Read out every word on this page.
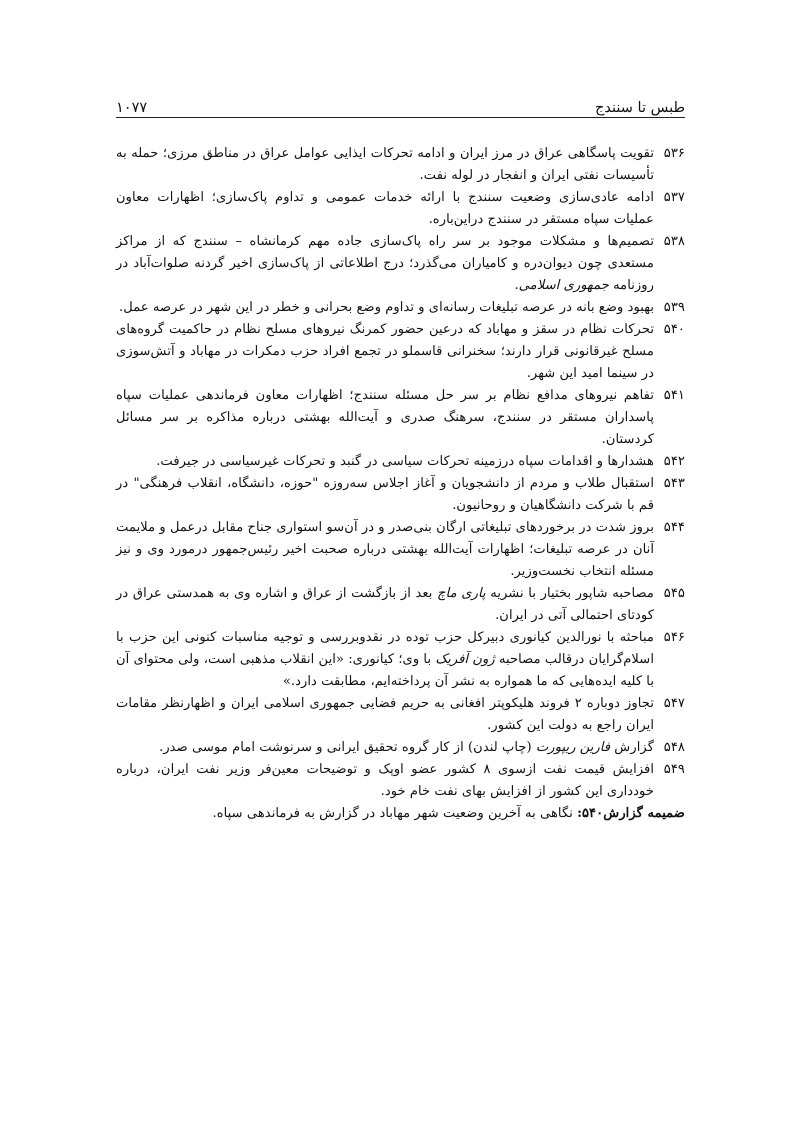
طبس تا سنندج
۱۰۷۷
۵۳۶
تقویت پاسگاهی عراق در مرز ایران و ادامه تحرکات ایذایی عوامل عراق در مناطق مرزی؛ حمله به تأسیسات نفتی ایران و انفجار در لوله نفت.
۵۳۷
ادامه عادی‌سازی وضعیت سنندج با ارائه خدمات عمومی و تداوم پاک‌سازی؛ اظهارات معاون عملیات سپاه مستقر در سنندج دراین‌باره.
۵۳۸
تصمیم‌ها و مشکلات موجود بر سر راه پاک‌سازی جاده مهم کرمانشاه – سنندج که از مراکز مستعدی چون دیوان‌دره و کامیاران می‌گذرد؛ درج اطلاعاتی از پاک‌سازی اخیر گردنه صلوات‌آباد در روزنامه جمهوری اسلامی.
۵۳۹
بهبود وضع بانه در عرصه تبلیغات رسانه‌ای و تداوم وضع بحرانی و خطر در این شهر در عرصه عمل.
۵۴۰
تحرکات نظام در سقز و مهاباد که درعین حضور کمرنگ نیروهای مسلح نظام در حاکمیت گروه‌های مسلح غیرقانونی قرار دارند؛ سخنرانی قاسملو در تجمع افراد حزب دمکرات در مهاباد و آتش‌سوزی در سینما امید این شهر.
۵۴۱
تفاهم نیروهای مدافع نظام بر سر حل مسئله سنندج؛ اظهارات معاون فرماندهی عملیات سپاه پاسداران مستقر در سنندج، سرهنگ صدری و آیت‌الله بهشتی درباره مذاکره بر سر مسائل کردستان.
۵۴۲
هشدارها و اقدامات سپاه درزمینه تحرکات سیاسی در گنبد و تحرکات غیرسیاسی در جیرفت.
۵۴۳
استقبال طلاب و مردم از دانشجویان و آغاز اجلاس سه‌روزه "حوزه، دانشگاه، انقلاب فرهنگی" در قم با شرکت دانشگاهیان و روحانیون.
۵۴۴
بروز شدت در برخوردهای تبلیغاتی ارگان بنی‌صدر و در آن‌سو استواری جناح مقابل درعمل و ملایمت آنان در عرصه تبلیغات؛ اظهارات آیت‌الله بهشتی درباره صحبت اخیر رئیس‌جمهور درمورد وی و نیز مسئله انتخاب نخست‌وزیر.
۵۴۵
مصاحبه شاپور بختیار با نشریه پاری ماچ بعد از بازگشت از عراق و اشاره وی به همدستی عراق در کودتای احتمالی آتی در ایران.
۵۴۶
مباحثه با نورالدین کیانوری دبیرکل حزب توده در نقدوبررسی و توجیه مناسبات کنونی این حزب با اسلام‌گرایان درقالب مصاحبه ژون آفریک با وی؛ کیانوری: «این انقلاب مذهبی است، ولی محتوای آن با کلیه ایده‌هایی که ما همواره به نشر آن پرداخته‌ایم، مطابقت دارد.»
۵۴۷
تجاوز دوباره ۲ فروند هلیکوپتر افغانی به حریم فضایی جمهوری اسلامی ایران و اظهارنظر مقامات ایران راجع به دولت این کشور.
۵۴۸
گزارش فارین ریپورت (چاپ لندن) از کار گروه تحقیق ایرانی و سرنوشت امام موسی صدر.
۵۴۹
افزایش قیمت نفت ازسوی ۸ کشور عضو اوپک و توضیحات معین‌فر وزیر نفت ایران، درباره خودداری این کشور از افزایش بهای نفت خام خود.
ضمیمه گزارش۵۴۰: نگاهی به آخرین وضعیت شهر مهاباد در گزارش به فرماندهی سپاه.
